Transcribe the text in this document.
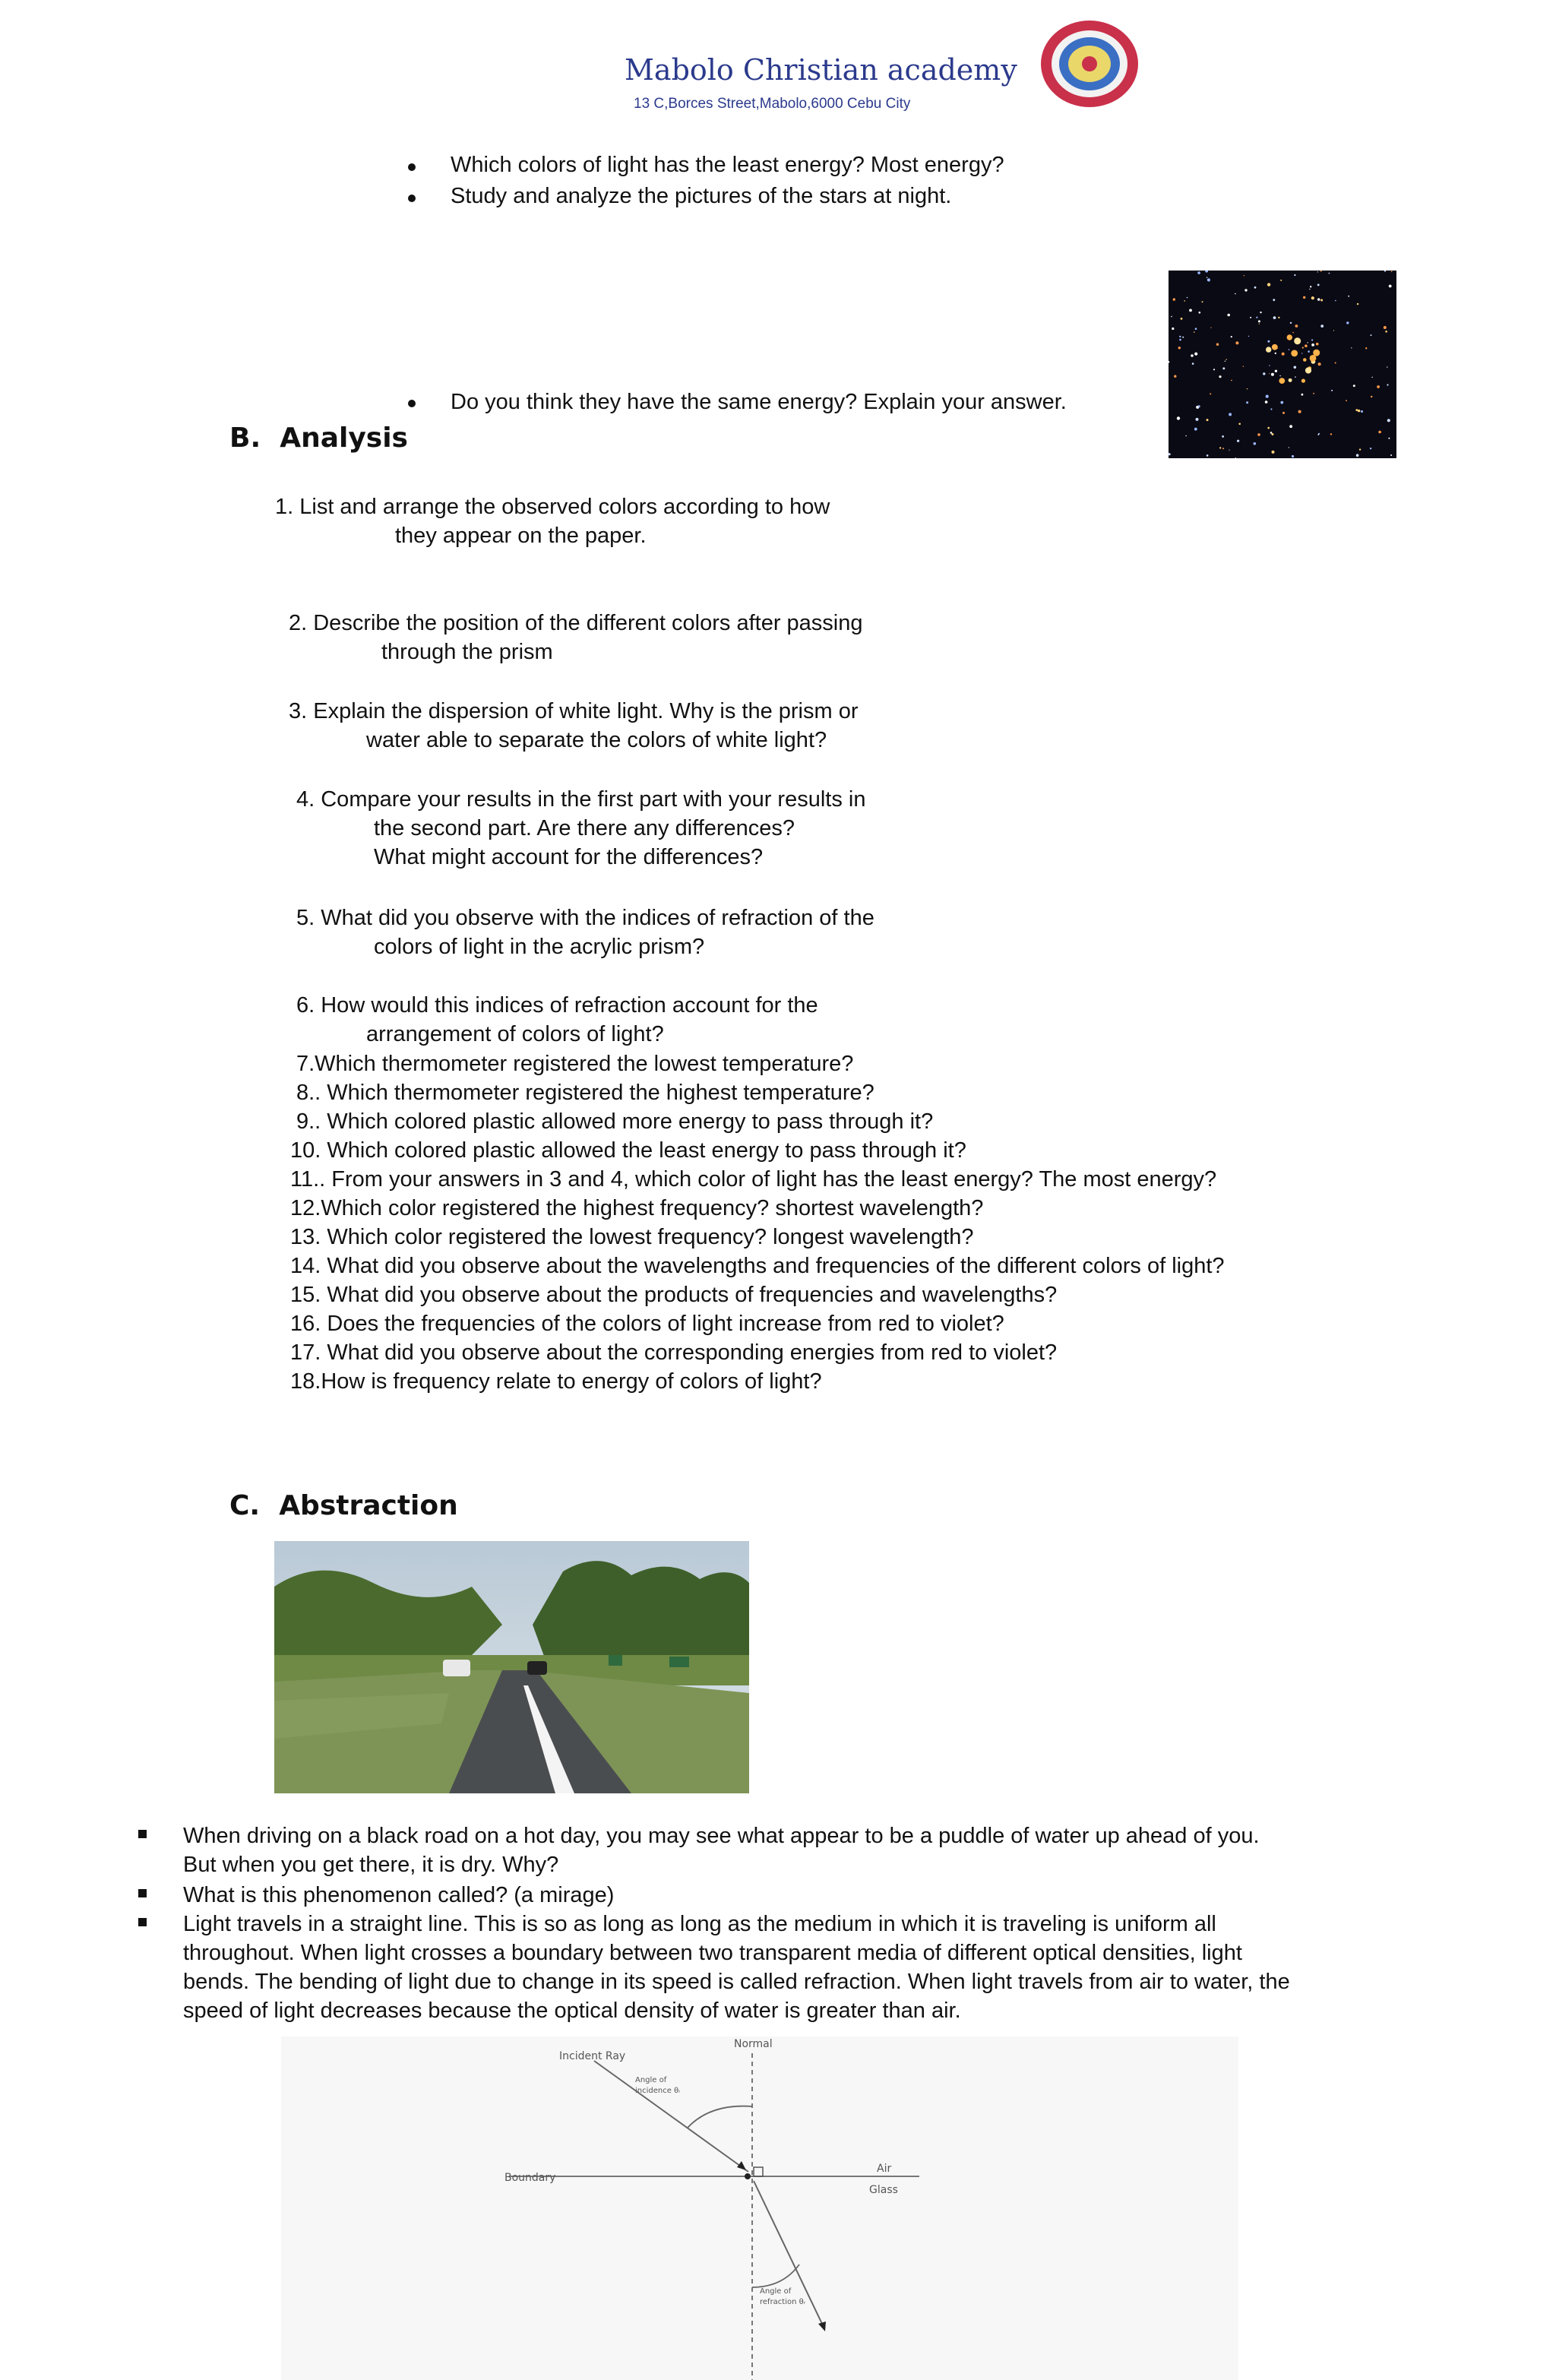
Mabolo Christian academy
13 C,Borces Street,Mabolo,6000 Cebu City
Which colors of light has the least energy? Most energy?
Study and analyze the pictures of the stars at night.
Do you think they have the same energy? Explain your answer.
B. Analysis
1. List and arrange the observed colors according to how
they appear on the paper.
2. Describe the position of the different colors after passing
through the prism
3. Explain the dispersion of white light. Why is the prism or
water able to separate the colors of white light?
4. Compare your results in the first part with your results in
the second part. Are there any differences?
What might account for the differences?
5. What did you observe with the indices of refraction of the
colors of light in the acrylic prism?
6. How would this indices of refraction account for the
arrangement of colors of light?
7.Which thermometer registered the lowest temperature?
8.. Which thermometer registered the highest temperature?
9.. Which colored plastic allowed more energy to pass through it?
10. Which colored plastic allowed the least energy to pass through it?
11.. From your answers in 3 and 4, which color of light has the least energy? The most energy?
12.Which color registered the highest frequency? shortest wavelength?
13. Which color registered the lowest frequency? longest wavelength?
14. What did you observe about the wavelengths and frequencies of the different colors of light?
15. What did you observe about the products of frequencies and wavelengths?
16. Does the frequencies of the colors of light increase from red to violet?
17. What did you observe about the corresponding energies from red to violet?
18.How is frequency relate to energy of colors of light?
C. Abstraction
When driving on a black road on a hot day, you may see what appear to be a puddle of water up ahead of you.
But when you get there, it is dry. Why?
What is this phenomenon called? (a mirage)
Light travels in a straight line. This is so as long as long as the medium in which it is traveling is uniform all
throughout. When light crosses a boundary between two transparent media of different optical densities, light
bends. The bending of light due to change in its speed is called refraction. When light travels from air to water, the
speed of light decreases because the optical density of water is greater than air.
Normal
Incident Ray
Angle of
incidence θᵢ
Boundary
Air
Glass
Angle of
refraction θᵣ
